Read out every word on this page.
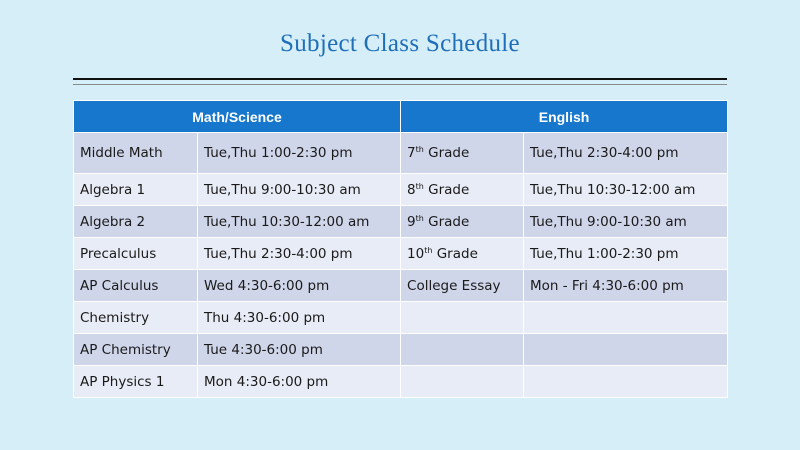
Subject Class Schedule
Math/Science		English	
Middle Math	Tue,Thu 1:00-2:30 pm	7th Grade	Tue,Thu 2:30-4:00 pm
Algebra 1	Tue,Thu 9:00-10:30 am	8th Grade	Tue,Thu 10:30-12:00 am
Algebra 2	Tue,Thu 10:30-12:00 am	9th Grade	Tue,Thu 9:00-10:30 am
Precalculus	Tue,Thu 2:30-4:00 pm	10th Grade	Tue,Thu 1:00-2:30 pm
AP Calculus	Wed 4:30-6:00 pm	College Essay	Mon - Fri 4:30-6:00 pm
Chemistry	Thu 4:30-6:00 pm		
AP Chemistry	Tue 4:30-6:00 pm		
AP Physics 1	Mon 4:30-6:00 pm		
